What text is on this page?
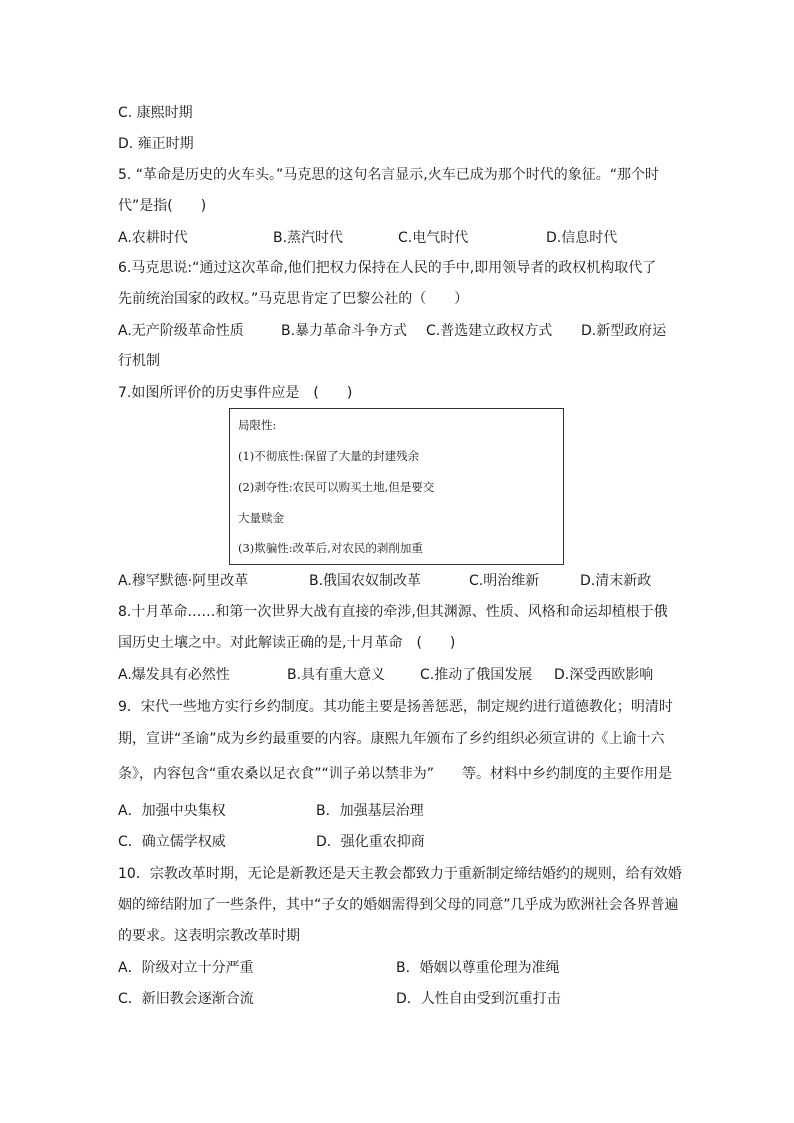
C. 康熙时期
D. 雍正时期
5. “革命是历史的火车头。”马克思的这句名言显示,火车已成为那个时代的象征。“那个时
代”是指(　　)
A.农耕时代	B.蒸汽时代	C.电气时代	D.信息时代
6.马克思说:“通过这次革命,他们把权力保持在人民的手中,即用领导者的政权机构取代了
先前统治国家的政权。”马克思肯定了巴黎公社的（　　）
A.无产阶级革命性质	B.暴力革命斗争方式 C.普选建立政权方式 D.新型政府运
行机制
7.如图所评价的历史事件应是　(　　)
局限性:
(1)不彻底性:保留了大量的封建残余
(2)剥夺性:农民可以购买土地,但是要交
大量赎金
(3)欺骗性:改革后,对农民的剥削加重
A.穆罕默德·阿里改革	B.俄国农奴制改革	C.明治维新	D.清末新政
8.十月革命……和第一次世界大战有直接的牵涉,但其渊源、性质、风格和命运却植根于俄
国历史土壤之中。对此解读正确的是,十月革命　(　　)
A.爆发具有必然性	B.具有重大意义 C.推动了俄国发展 D.深受西欧影响
9．宋代一些地方实行乡约制度。其功能主要是扬善惩恶，制定规约进行道德教化；明清时
期，宣讲“圣谕”成为乡约最重要的内容。康熙九年颁布了乡约组织必须宣讲的《上谕十六
条》，内容包含“重农桑以足衣食”“训子弟以禁非为”　　等。材料中乡约制度的主要作用是
A．加强中央集权	B．加强基层治理
C．确立儒学权威	D．强化重农抑商
10．宗教改革时期，无论是新教还是天主教会都致力于重新制定缔结婚约的规则，给有效婚
姻的缔结附加了一些条件，其中“子女的婚姻需得到父母的同意”几乎成为欧洲社会各界普遍
的要求。这表明宗教改革时期
A．阶级对立十分严重	B．婚姻以尊重伦理为准绳
C．新旧教会逐渐合流	D．人性自由受到沉重打击
